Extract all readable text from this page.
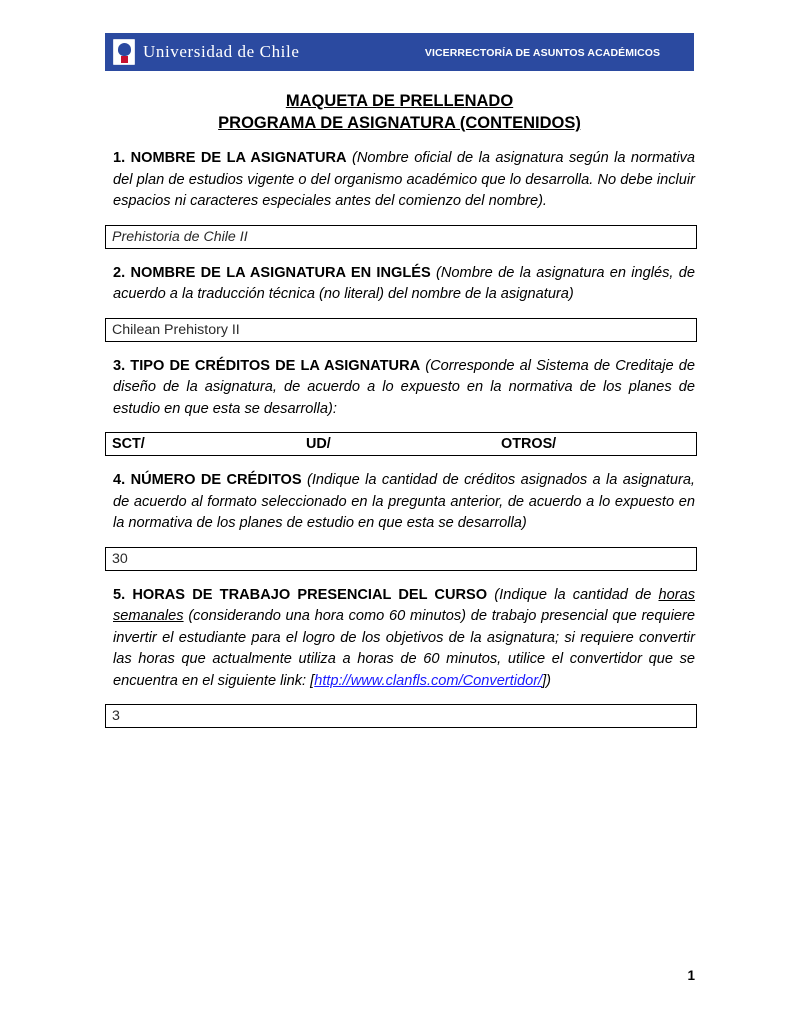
Universidad de Chile	VICERRECTORÍA DE ASUNTOS ACADÉMICOS
MAQUETA DE PRELLENADO
PROGRAMA DE ASIGNATURA (CONTENIDOS)

1. NOMBRE DE LA ASIGNATURA (Nombre oficial de la asignatura según la normativa del plan de estudios vigente o del organismo académico que lo desarrolla. No debe incluir espacios ni caracteres especiales antes del comienzo del nombre).

Prehistoria de Chile II

2. NOMBRE DE LA ASIGNATURA EN INGLÉS (Nombre de la asignatura en inglés, de acuerdo a la traducción técnica (no literal) del nombre de la asignatura)

Chilean Prehistory II

3. TIPO DE CRÉDITOS DE LA ASIGNATURA (Corresponde al Sistema de Creditaje de diseño de la asignatura, de acuerdo a lo expuesto en la normativa de los planes de estudio en que esta se desarrolla):

SCT/	UD/	OTROS/

4. NÚMERO DE CRÉDITOS (Indique la cantidad de créditos asignados a la asignatura, de acuerdo al formato seleccionado en la pregunta anterior, de acuerdo a lo expuesto en la normativa de los planes de estudio en que esta se desarrolla)

30

5. HORAS DE TRABAJO PRESENCIAL DEL CURSO (Indique la cantidad de horas semanales (considerando una hora como 60 minutos) de trabajo presencial que requiere invertir el estudiante para el logro de los objetivos de la asignatura; si requiere convertir las horas que actualmente utiliza a horas de 60 minutos, utilice el convertidor que se encuentra en el siguiente link: [http://www.clanfls.com/Convertidor/])

3
1
